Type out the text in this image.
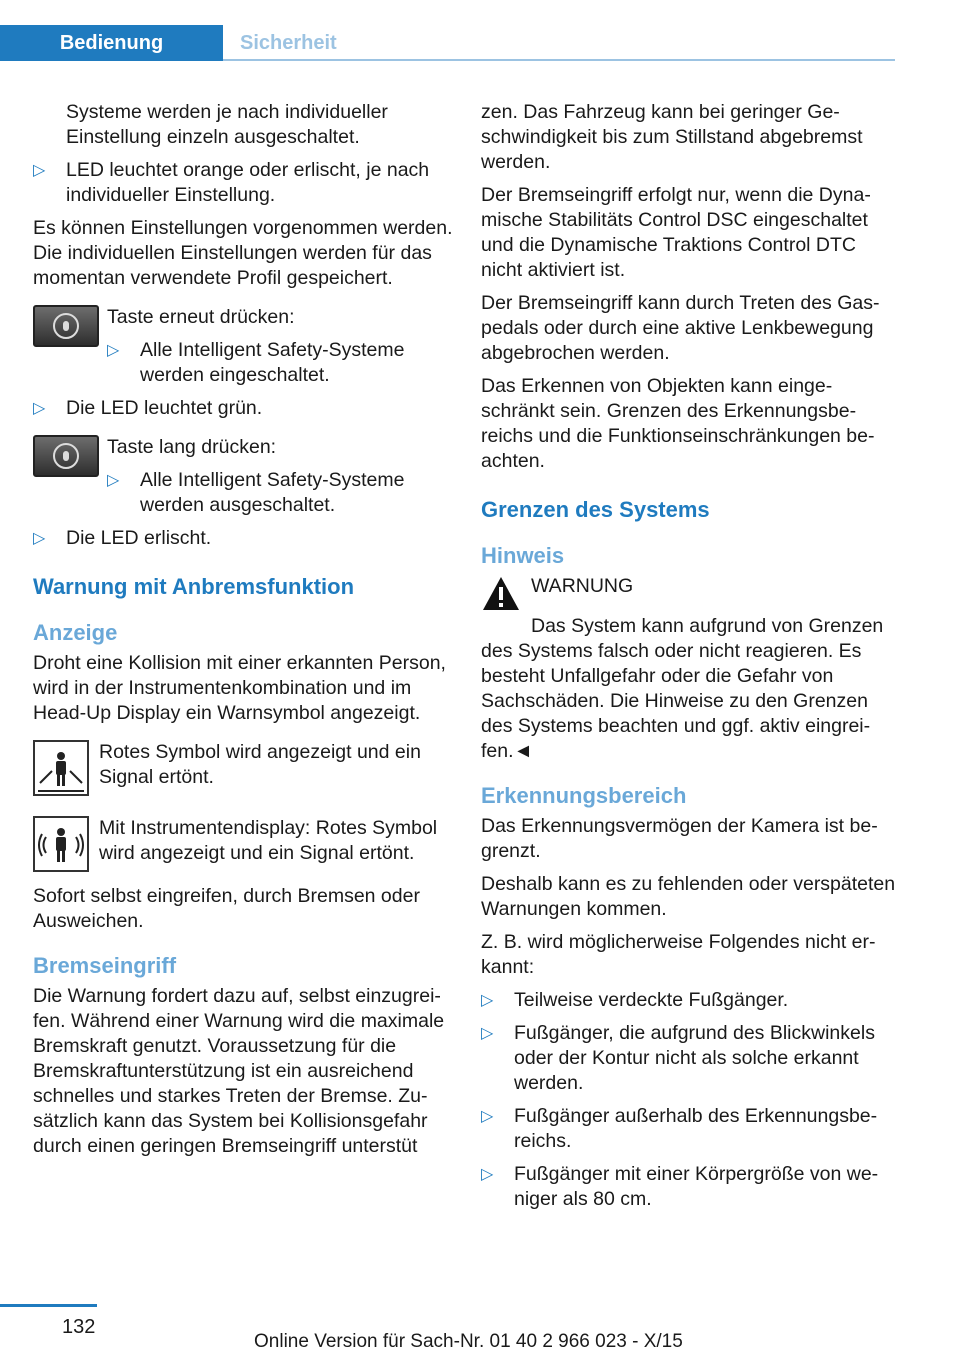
Bedienung	Sicherheit

Systeme werden je nach individueller Einstellung einzeln ausgeschaltet.

▷ LED leuchtet orange oder erlischt, je nach individueller Einstellung.

Es können Einstellungen vorgenommen werden. Die individuellen Einstellungen werden für das momentan verwendete Profil gespeichert.

Taste erneut drücken:

▷ Alle Intelligent Safety-Systeme werden eingeschaltet.
▷ Die LED leuchtet grün.

Taste lang drücken:

▷ Alle Intelligent Safety-Systeme werden ausgeschaltet.
▷ Die LED erlischt.
Warnung mit Anbremsfunktion
Anzeige

Droht eine Kollision mit einer erkannten Person, wird in der Instrumentenkombination und im Head-Up Display ein Warnsymbol angezeigt.

Rotes Symbol wird angezeigt und ein Signal ertönt.

Mit Instrumentendisplay: Rotes Symbol wird angezeigt und ein Signal ertönt.

Sofort selbst eingreifen, durch Bremsen oder Ausweichen.

Bremseingriff

Die Warnung fordert dazu auf, selbst einzugreifen. Während einer Warnung wird die maximale Bremskraft genutzt. Voraussetzung für die Bremskraftunterstützung ist ein ausreichend schnelles und starkes Treten der Bremse. Zusätzlich kann das System bei Kollisionsgefahr durch einen geringen Bremseingriff unterstüt

zen. Das Fahrzeug kann bei geringer Geschwindigkeit bis zum Stillstand abgebremst werden.

Der Bremseingriff erfolgt nur, wenn die Dynamische Stabilitäts Control DSC eingeschaltet und die Dynamische Traktions Control DTC nicht aktiviert ist.

Der Bremseingriff kann durch Treten des Gaspedals oder durch eine aktive Lenkbewegung abgebrochen werden.

Das Erkennen von Objekten kann eingeschränkt sein. Grenzen des Erkennungsbereichs und die Funktionseinschränkungen beachten.

Grenzen des Systems
Hinweis

WARNUNG

Das System kann aufgrund von Grenzen des Systems falsch oder nicht reagieren. Es besteht Unfallgefahr oder die Gefahr von Sachschäden. Die Hinweise zu den Grenzen des Systems beachten und ggf. aktiv eingreifen.◄

Erkennungsbereich

Das Erkennungsvermögen der Kamera ist begrenzt.

Deshalb kann es zu fehlenden oder verspäteten Warnungen kommen.

Z. B. wird möglicherweise Folgendes nicht erkannt:

▷ Teilweise verdeckte Fußgänger.
▷ Fußgänger, die aufgrund des Blickwinkels oder der Kontur nicht als solche erkannt werden.
▷ Fußgänger außerhalb des Erkennungsbereichs.
▷ Fußgänger mit einer Körpergröße von weniger als 80 cm.
132
Online Version für Sach-Nr. 01 40 2 966 023 - X/15
